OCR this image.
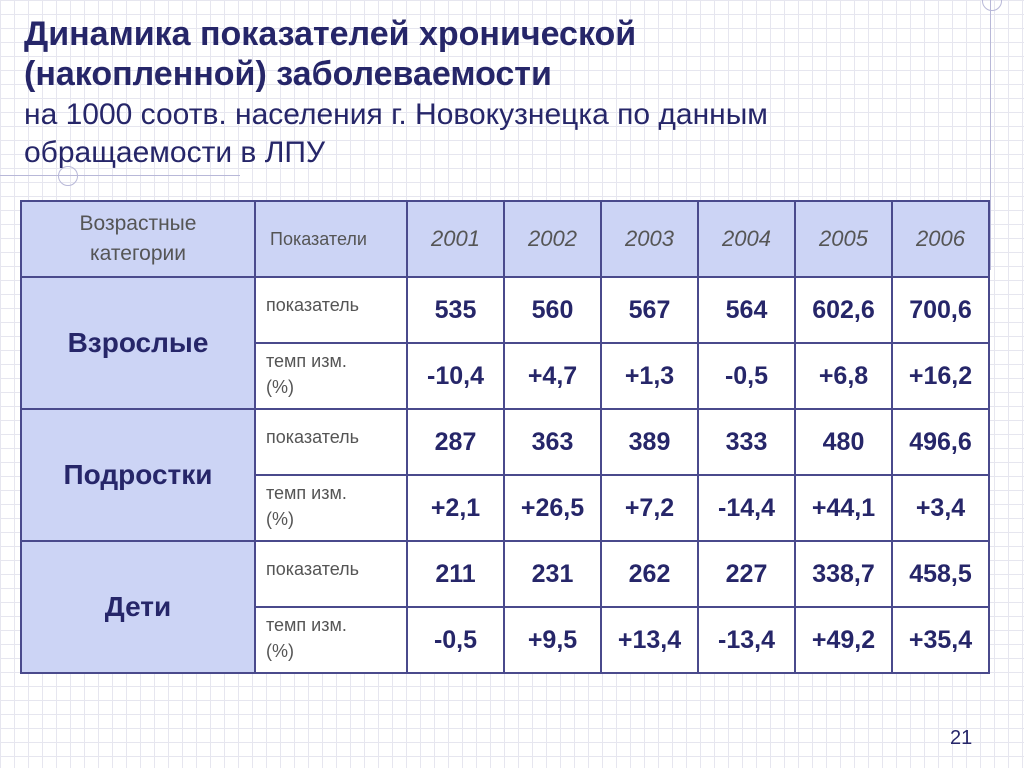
Динамика показателей хронической
(накопленной) заболеваемости

на 1000 соотв. населения г. Новокузнецка по данным
обращаемости в ЛПУ

Возрастные
категории	Показатели	2001	2002	2003	2004	2005	2006
Взрослые	показатель	535	560	567	564	602,6	700,6

	темп изм.
(%)	-10,4	+4,7	+1,3	-0,5	+6,8	+16,2
Подростки	показатель	287	363	389	333	480	496,6

	темп изм.
(%)	+2,1	+26,5	+7,2	-14,4	+44,1	+3,4
Дети	показатель	211	231	262	227	338,7	458,5

	темп изм.
(%)	-0,5	+9,5	+13,4	-13,4	+49,2	+35,4
21
